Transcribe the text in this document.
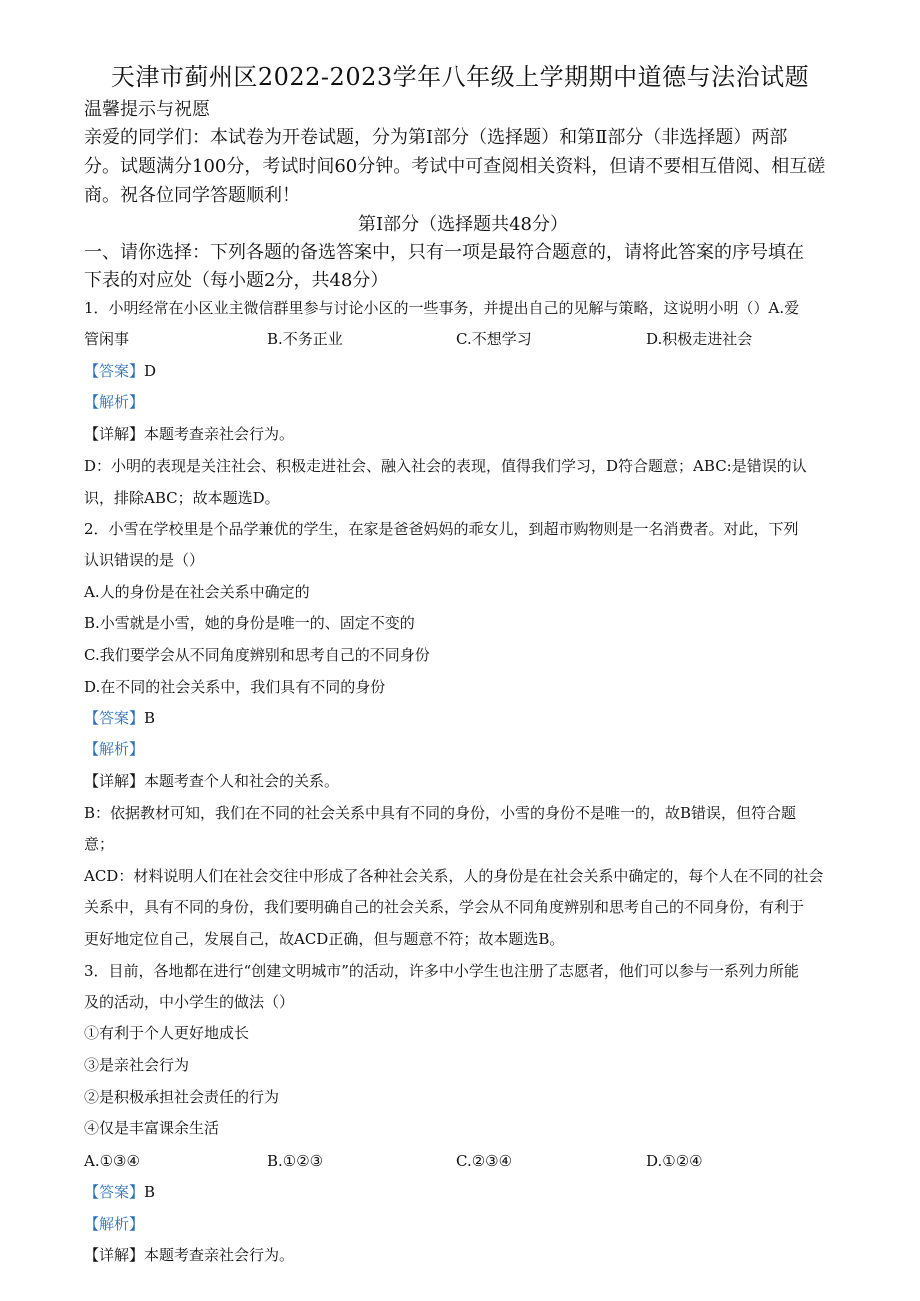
天津市蓟州区2022-2023学年八年级上学期期中道德与法治试题
温馨提示与祝愿
亲爱的同学们：本试卷为开卷试题，分为第Ⅰ部分（选择题）和第Ⅱ部分（非选择题）两部
分。试题满分100分，考试时间60分钟。考试中可查阅相关资料，但请不要相互借阅、相互磋
商。祝各位同学答题顺利！
第Ⅰ部分（选择题共48分）
一、请你选择：下列各题的备选答案中，只有一项是最符合题意的，请将此答案的序号填在
下表的对应处（每小题2分，共48分）
1．小明经常在小区业主微信群里参与讨论小区的一些事务，并提出自己的见解与策略，这说明小明（）A.爱
管闲事	B.不务正业	C.不想学习	D.积极走进社会
【答案】D
【解析】
【详解】本题考查亲社会行为。
D：小明的表现是关注社会、积极走进社会、融入社会的表现，值得我们学习，D符合题意；ABC:是错误的认
识，排除ABC；故本题选D。
2．小雪在学校里是个品学兼优的学生，在家是爸爸妈妈的乖女儿，到超市购物则是一名消费者。对此，下列
认识错误的是（）
A.人的身份是在社会关系中确定的
B.小雪就是小雪，她的身份是唯一的、固定不变的
C.我们要学会从不同角度辨别和思考自己的不同身份
D.在不同的社会关系中，我们具有不同的身份
【答案】B
【解析】
【详解】本题考查个人和社会的关系。
B：依据教材可知，我们在不同的社会关系中具有不同的身份，小雪的身份不是唯一的，故B错误，但符合题
意；
ACD：材料说明人们在社会交往中形成了各种社会关系，人的身份是在社会关系中确定的，每个人在不同的社会
关系中，具有不同的身份，我们要明确自己的社会关系，学会从不同角度辨别和思考自己的不同身份，有利于
更好地定位自己，发展自己，故ACD正确，但与题意不符；故本题选B。
3．目前，各地都在进行“创建文明城市”的活动，许多中小学生也注册了志愿者，他们可以参与一系列力所能
及的活动，中小学生的做法（）
①有利于个人更好地成长
③是亲社会行为
②是积极承担社会责任的行为
④仅是丰富课余生活
A.①③④	B.①②③	C.②③④	D.①②④
【答案】B
【解析】
【详解】本题考查亲社会行为。
